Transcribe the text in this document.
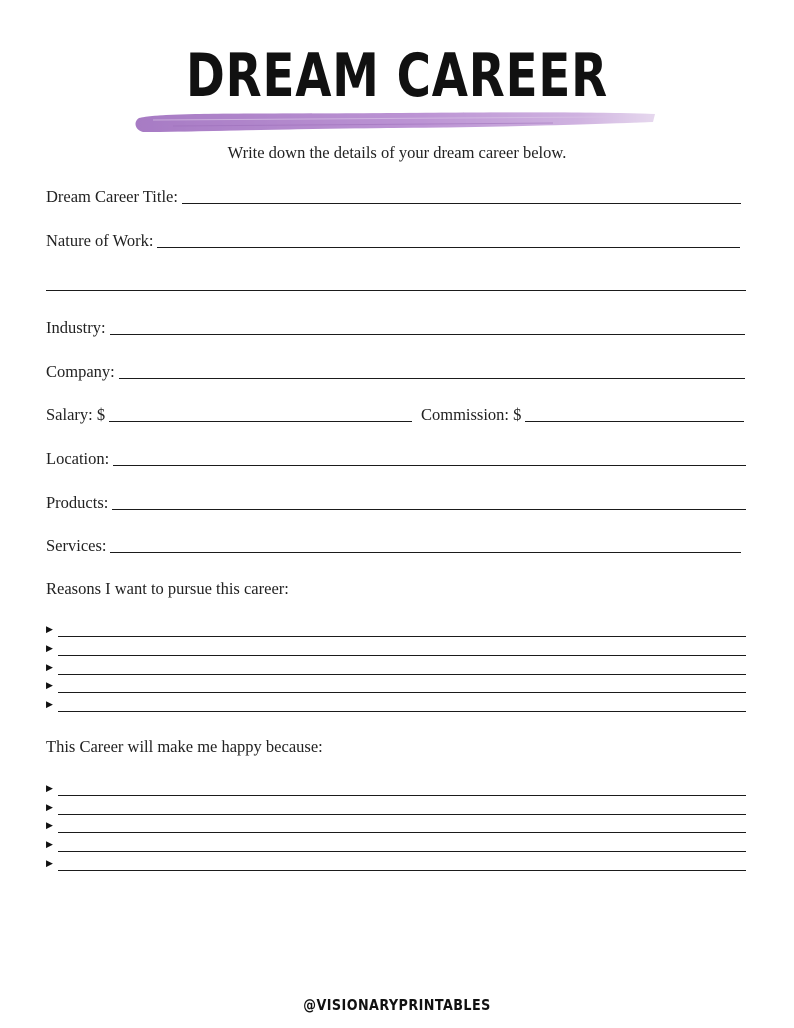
DREAM CAREER
Write down the details of your dream career below.
Dream Career Title:
Nature of Work:
Industry:
Company:
Salary: $	Commission: $
Location:
Products:
Services:
Reasons I want to pursue this career:
▶
▶
▶
▶
▶
This Career will make me happy because:
▶
▶
▶
▶
▶
@VISIONARYPRINTABLES
